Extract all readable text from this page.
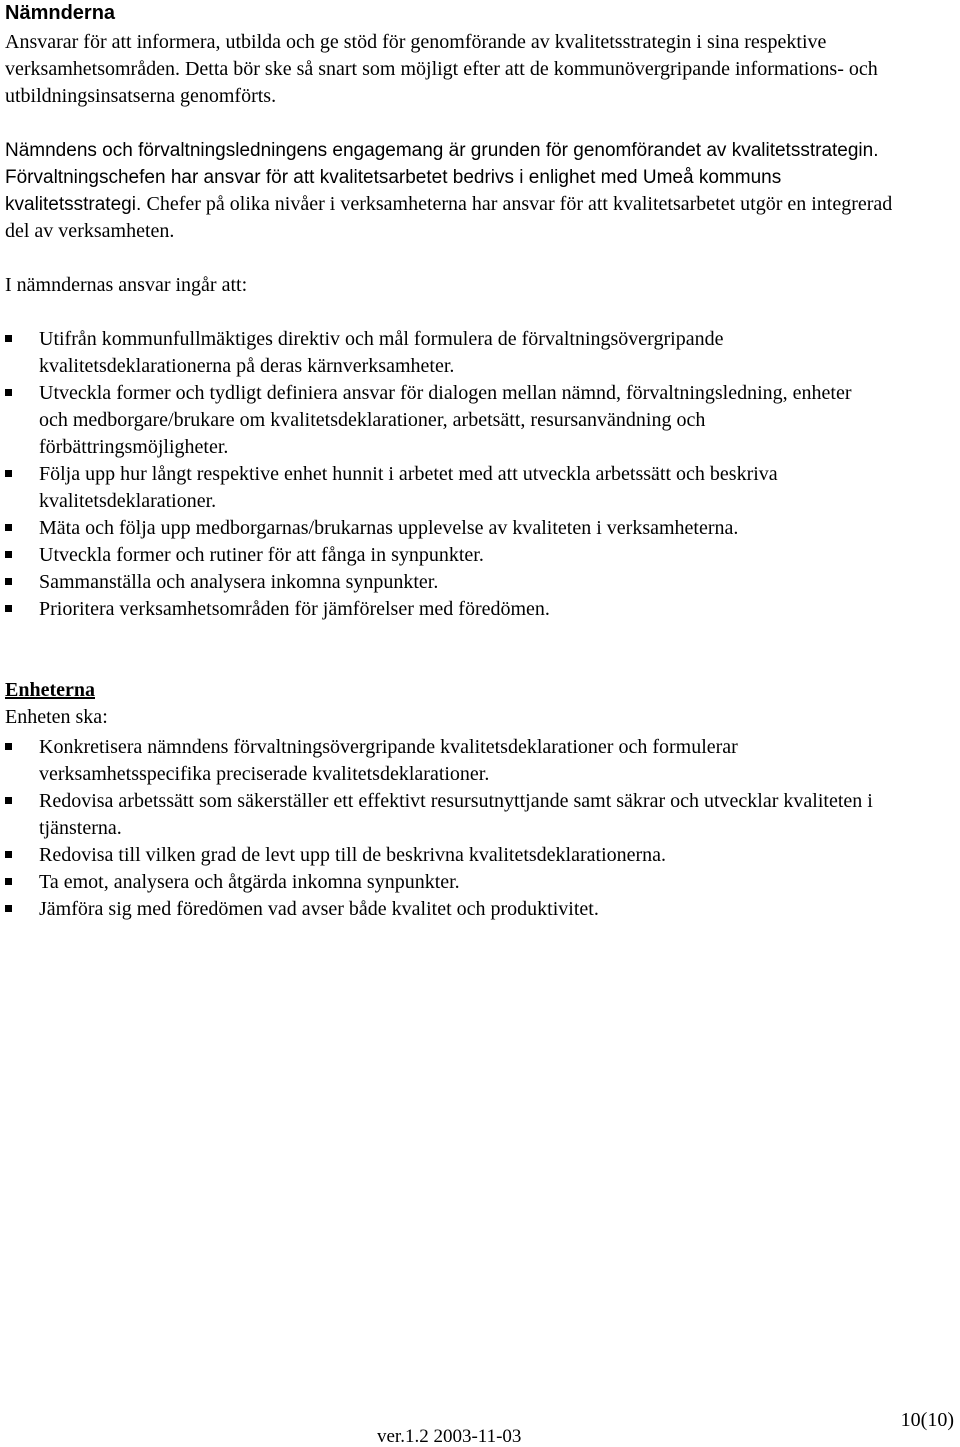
Nämnderna

Ansvarar för att informera, utbilda och ge stöd för genomförande av kvalitetsstrategin i sina respektive verksamhetsområden. Detta bör ske så snart som möjligt efter att de kommunövergripande informations- och utbildningsinsatserna genomförts.

Nämndens och förvaltningsledningens engagemang är grunden för genomförandet av kvalitetsstrategin. Förvaltningschefen har ansvar för att kvalitetsarbetet bedrivs i enlighet med Umeå kommuns kvalitetsstrategi. Chefer på olika nivåer i verksamheterna har ansvar för att kvalitetsarbetet utgör en integrerad del av verksamheten.

I nämndernas ansvar ingår att:

Utifrån kommunfullmäktiges direktiv och mål formulera de förvaltningsövergripande kvalitetsdeklarationerna på deras kärnverksamheter.
Utveckla former och tydligt definiera ansvar för dialogen mellan nämnd, förvaltningsledning, enheter och medborgare/brukare om kvalitetsdeklarationer, arbetsätt, resursanvändning och förbättringsmöjligheter.
Följa upp hur långt respektive enhet hunnit i arbetet med att utveckla arbetssätt och beskriva kvalitetsdeklarationer.
Mäta och följa upp medborgarnas/brukarnas upplevelse av kvaliteten i verksamheterna.
Utveckla former och rutiner för att fånga in synpunkter.
Sammanställa och analysera inkomna synpunkter.
Prioritera verksamhetsområden för jämförelser med föredömen.
Enheterna

Enheten ska:

Konkretisera nämndens förvaltningsövergripande kvalitetsdeklarationer och formulerar verksamhetsspecifika preciserade kvalitetsdeklarationer.
Redovisa arbetssätt som säkerställer ett effektivt resursutnyttjande samt säkrar och utvecklar kvaliteten i tjänsterna.
Redovisa till vilken grad de levt upp till de beskrivna kvalitetsdeklarationerna.
Ta emot, analysera och åtgärda inkomna synpunkter.
Jämföra sig med föredömen vad avser både kvalitet och produktivitet.
10(10)
ver.1.2 2003-11-03
